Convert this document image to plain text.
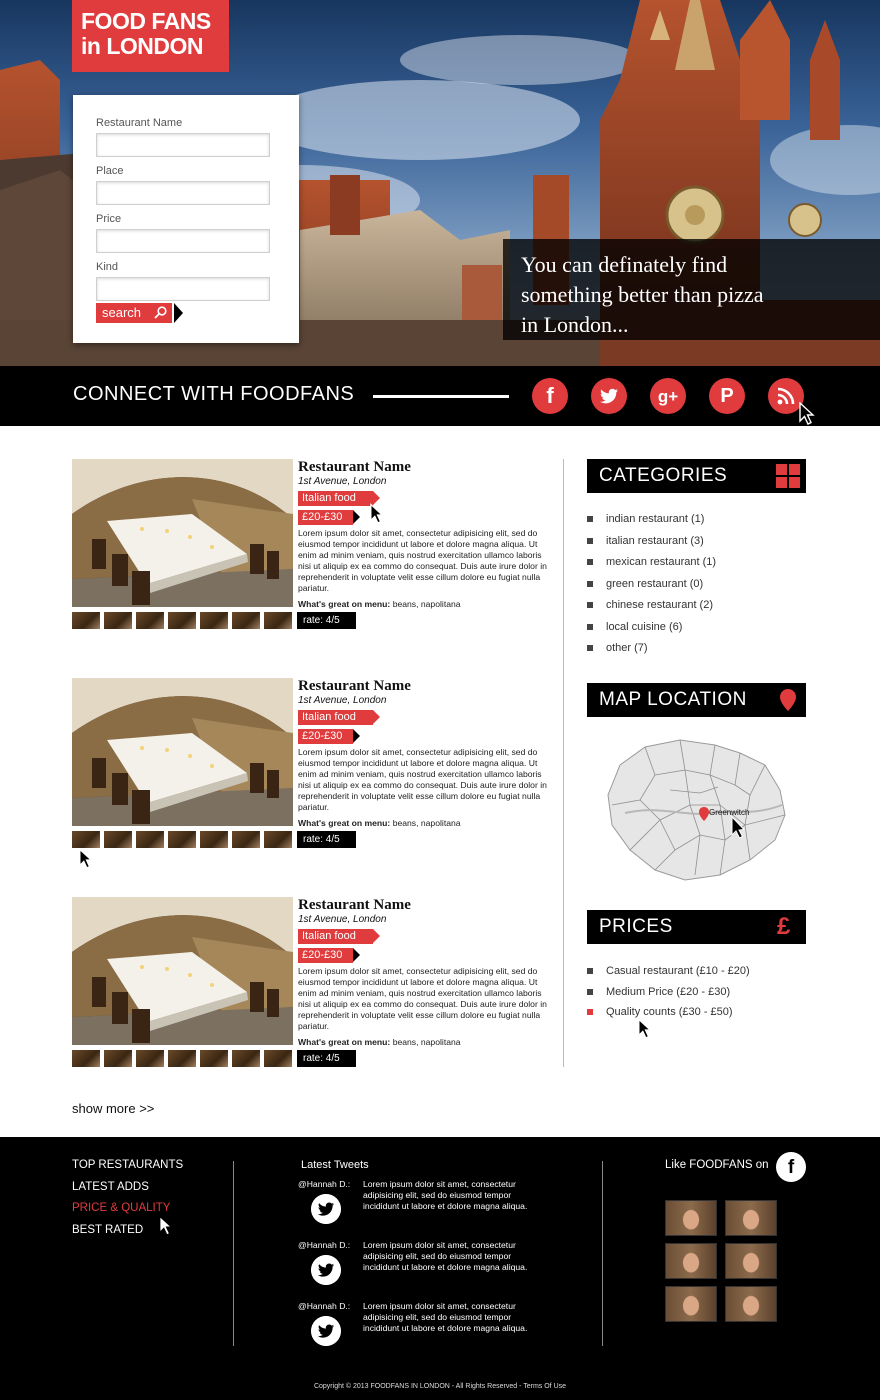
FOOD FANS
in LONDON
Restaurant Name
Place
Price
Kind
search
You can definately find
something better than pizza
in London...
CONNECT WITH FOODFANS	f	g+	P
Restaurant Name
1st Avenue, London
Italian food
£20-£30
Lorem ipsum dolor sit amet, consectetur adipisicing elit, sed do eiusmod tempor incididunt ut labore et dolore magna aliqua. Ut enim ad minim veniam, quis nostrud exercitation ullamco laboris nisi ut aliquip ex ea commo do consequat. Duis aute irure dolor in reprehenderit in voluptate velit esse cillum dolore eu fugiat nulla pariatur.
What's great on menu: beans, napolitana
rate: 4/5
Restaurant Name
1st Avenue, London
Italian food
£20-£30
Lorem ipsum dolor sit amet, consectetur adipisicing elit, sed do eiusmod tempor incididunt ut labore et dolore magna aliqua. Ut enim ad minim veniam, quis nostrud exercitation ullamco laboris nisi ut aliquip ex ea commo do consequat. Duis aute irure dolor in reprehenderit in voluptate velit esse cillum dolore eu fugiat nulla pariatur.
What's great on menu: beans, napolitana
rate: 4/5
Restaurant Name
1st Avenue, London
Italian food
£20-£30
Lorem ipsum dolor sit amet, consectetur adipisicing elit, sed do eiusmod tempor incididunt ut labore et dolore magna aliqua. Ut enim ad minim veniam, quis nostrud exercitation ullamco laboris nisi ut aliquip ex ea commo do consequat. Duis aute irure dolor in reprehenderit in voluptate velit esse cillum dolore eu fugiat nulla pariatur.
What's great on menu: beans, napolitana
rate: 4/5
show more >>
CATEGORIES
indian restaurant (1)
italian restaurant (3)
mexican restaurant (1)
green restaurant (0)
chinese restaurant (2)
local cuisine (6)
other (7)
MAP LOCATION
Greenwitch
PRICES	£
Casual restaurant (£10 - £20)
Medium Price (£20 - £30)
Quality counts (£30 - £50)
TOP RESTAURANTS
LATEST ADDS
PRICE & QUALITY
BEST RATED
Latest Tweets
@Hannah D.: Lorem ipsum dolor sit amet, consectetur adipisicing elit, sed do eiusmod tempor incididunt ut labore et dolore magna aliqua.
@Hannah D.: Lorem ipsum dolor sit amet, consectetur adipisicing elit, sed do eiusmod tempor incididunt ut labore et dolore magna aliqua.
@Hannah D.: Lorem ipsum dolor sit amet, consectetur adipisicing elit, sed do eiusmod tempor incididunt ut labore et dolore magna aliqua.
Like FOODFANS on	f
Copyright © 2013 FOODFANS IN LONDON - All Rights Reserved - Terms Of Use
